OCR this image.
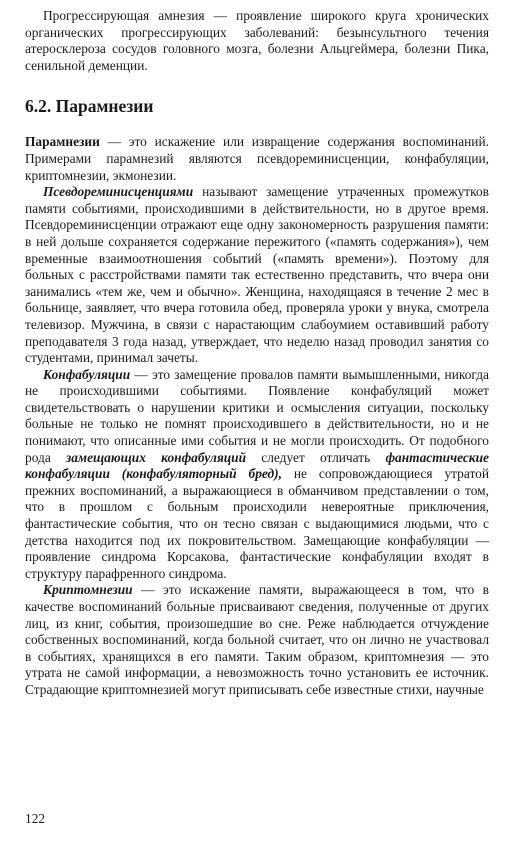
Прогрессирующая амнезия — проявление широкого круга хронических органических прогрессирующих заболеваний: безынсультного течения атеросклероза сосудов головного мозга, болезни Альцгеймера, болезни Пика, сенильной деменции.

6.2. Парамнезии

Парамнезии — это искажение или извращение содержания воспоминаний. Примерами парамнезий являются псевдореминисценции, конфабуляции, криптомнезии, экмонезии.

Псевдореминисценциями называют замещение утраченных промежутков памяти событиями, происходившими в действительности, но в другое время. Псевдореминисценции отражают еще одну закономерность разрушения памяти: в ней дольше сохраняется содержание пережитого («память содержания»), чем временные взаимоотношения событий («память времени»). Поэтому для больных с расстройствами памяти так естественно представить, что вчера они занимались «тем же, чем и обычно». Женщина, находящаяся в течение 2 мес в больнице, заявляет, что вчера готовила обед, проверяла уроки у внука, смотрела телевизор. Мужчина, в связи с нарастающим слабоумием оставивший работу преподавателя 3 года назад, утверждает, что неделю назад проводил занятия со студентами, принимал зачеты.

Конфабуляции — это замещение провалов памяти вымышленными, никогда не происходившими событиями. Появление конфабуляций может свидетельствовать о нарушении критики и осмысления ситуации, поскольку больные не только не помнят происходившего в действительности, но и не понимают, что описанные ими события и не могли происходить. От подобного рода замещающих конфабуляций следует отличать фантастические конфабуляции (конфабуляторный бред), не сопровождающиеся утратой прежних воспоминаний, а выражающиеся в обманчивом представлении о том, что в прошлом с больным происходили невероятные приключения, фантастические события, что он тесно связан с выдающимися людьми, что с детства находится под их покровительством. Замещающие конфабуляции — проявление синдрома Корсакова, фантастические конфабуляции входят в структуру парафренного синдрома.

Криптомнезии — это искажение памяти, выражающееся в том, что в качестве воспоминаний больные присваивают сведения, полученные от других лиц, из книг, события, произошедшие во сне. Реже наблюдается отчуждение собственных воспоминаний, когда больной считает, что он лично не участвовал в событиях, хранящихся в его памяти. Таким образом, криптомнезия — это утрата не самой информации, а невозможность точно установить ее источник. Страдающие криптомнезией могут приписывать себе известные стихи, научные

122
